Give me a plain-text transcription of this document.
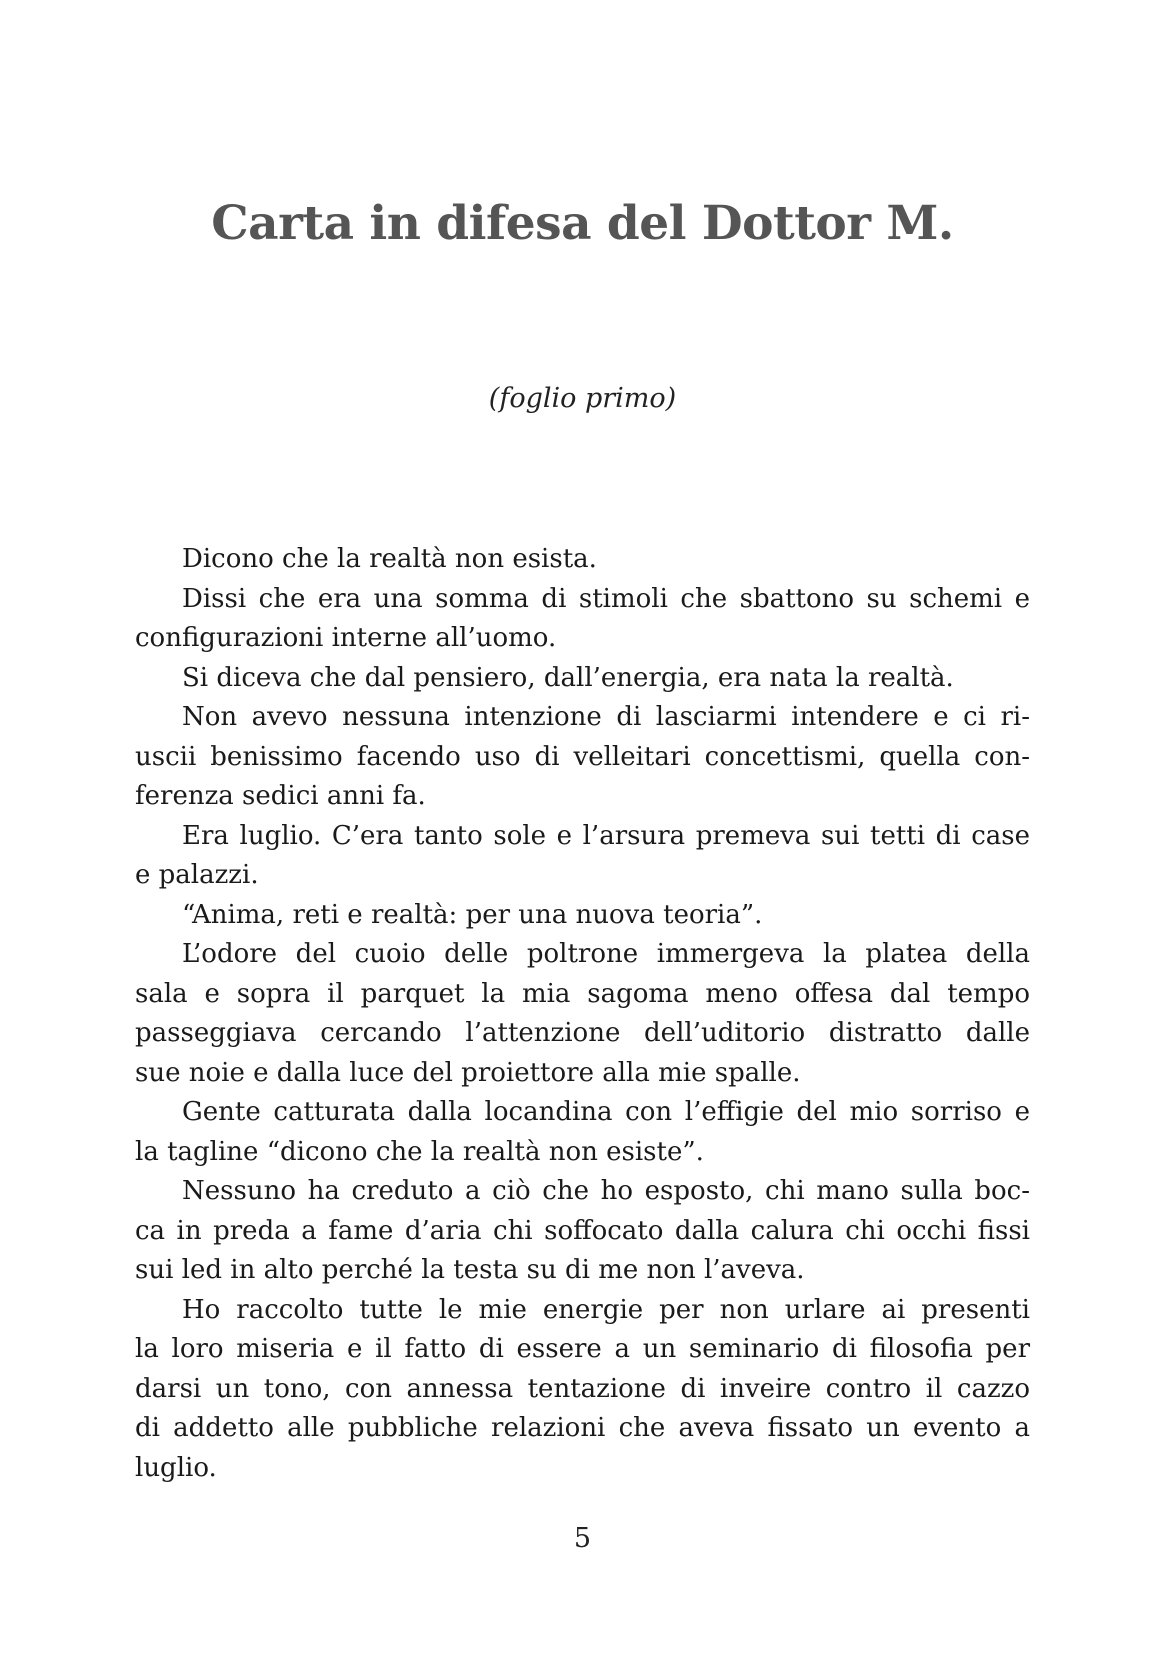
Carta in difesa del Dottor M.

(foglio primo)

Dicono che la realtà non esista.
Dissi che era una somma di stimoli che sbattono su schemi e
configurazioni interne all’uomo.
Si diceva che dal pensiero, dall’energia, era nata la realtà.
Non avevo nessuna intenzione di lasciarmi intendere e ci ri-
uscii benissimo facendo uso di velleitari concettismi, quella con-
ferenza sedici anni fa.
Era luglio. C’era tanto sole e l’arsura premeva sui tetti di case
e palazzi.
“Anima, reti e realtà: per una nuova teoria”.
L’odore del cuoio delle poltrone immergeva la platea della
sala e sopra il parquet la mia sagoma meno offesa dal tempo
passeggiava cercando l’attenzione dell’uditorio distratto dalle
sue noie e dalla luce del proiettore alla mie spalle.
Gente catturata dalla locandina con l’effigie del mio sorriso e
la tagline “dicono che la realtà non esiste”.
Nessuno ha creduto a ciò che ho esposto, chi mano sulla boc-
ca in preda a fame d’aria chi soffocato dalla calura chi occhi fissi
sui led in alto perché la testa su di me non l’aveva.
Ho raccolto tutte le mie energie per non urlare ai presenti
la loro miseria e il fatto di essere a un seminario di filosofia per
darsi un tono, con annessa tentazione di inveire contro il cazzo
di addetto alle pubbliche relazioni che aveva fissato un evento a
luglio.

5
